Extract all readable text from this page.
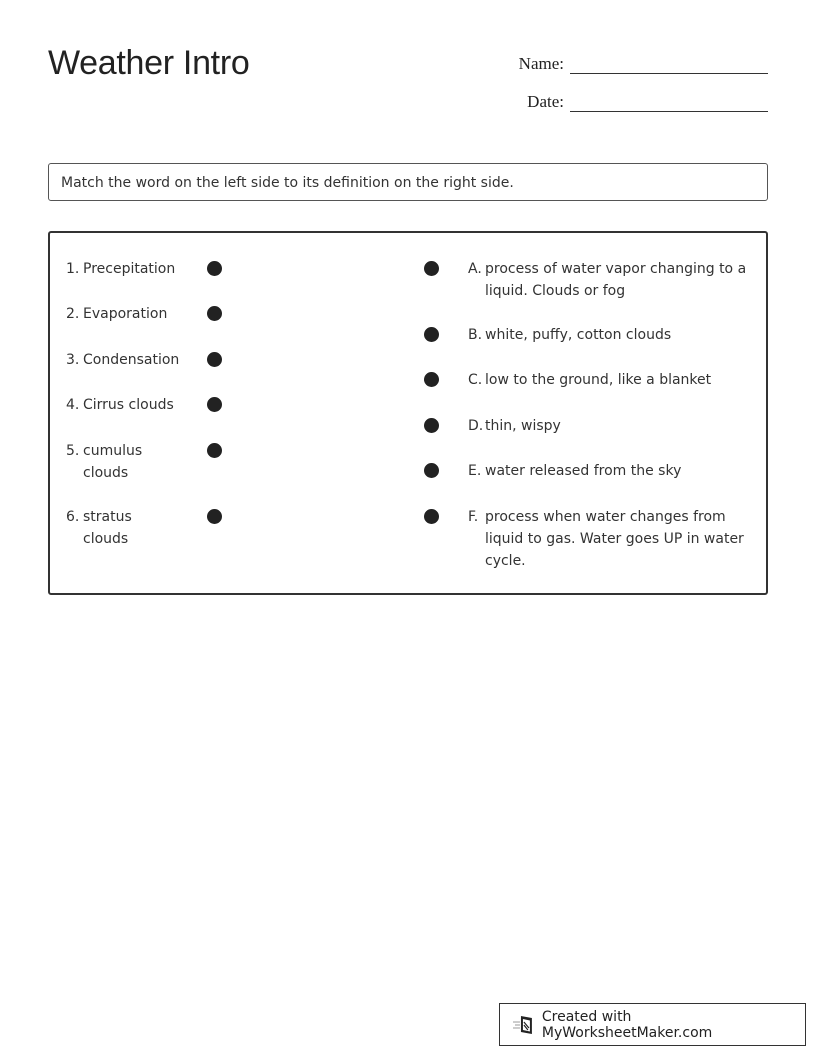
Weather Intro	Name:
Date:
Match the word on the left side to its definition on the right side.
1. Precepitation
2. Evaporation
3. Condensation
4. Cirrus clouds
5. cumulus clouds
6. stratus clouds
A. process of water vapor changing to a liquid. Clouds or fog
B. white, puffy, cotton clouds
C. low to the ground, like a blanket
D. thin, wispy
E. water released from the sky
F. process when water changes from liquid to gas. Water goes UP in water cycle.
Created with MyWorksheetMaker.com
